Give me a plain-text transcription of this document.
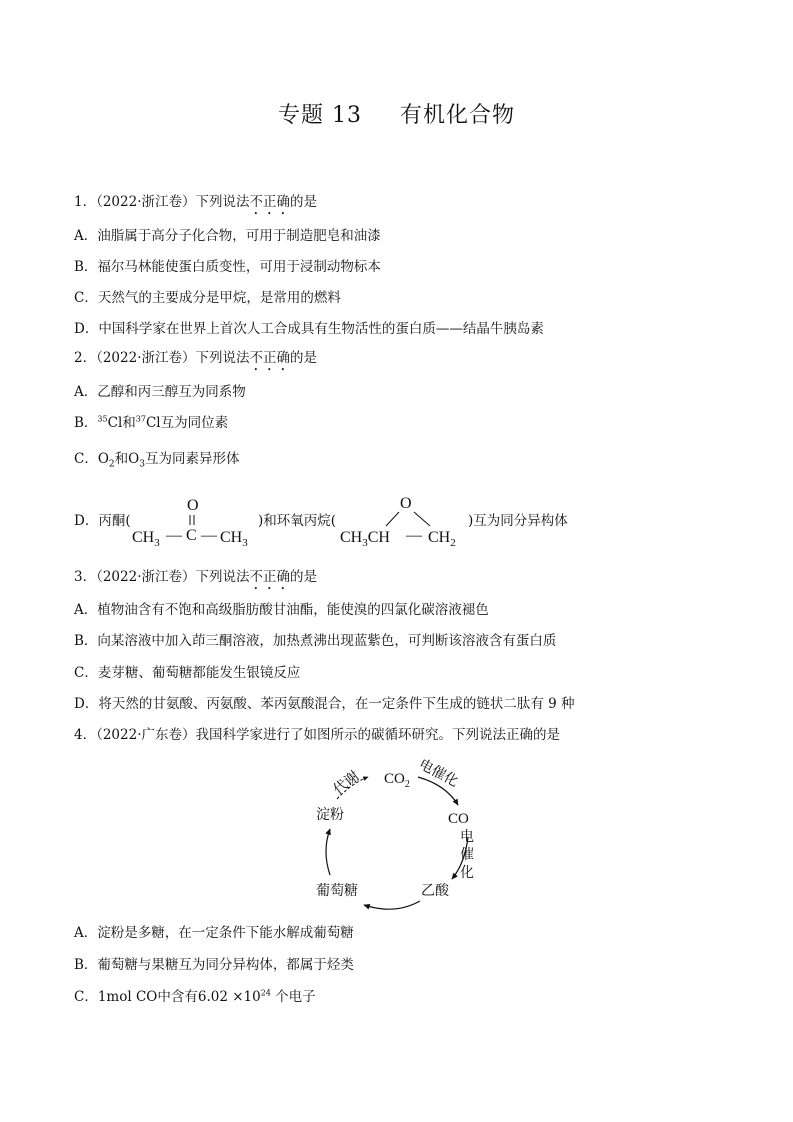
专题 13 有机化合物
1．（2022·浙江卷）下列说法不正确的是
A．油脂属于高分子化合物，可用于制造肥皂和油漆
B．福尔马林能使蛋白质变性，可用于浸制动物标本
C．天然气的主要成分是甲烷，是常用的燃料
D．中国科学家在世界上首次人工合成具有生物活性的蛋白质——结晶牛胰岛素
2．（2022·浙江卷）下列说法不正确的是
A．乙醇和丙三醇互为同系物
B．$^{35}$Cl和$^{37}$Cl互为同位素
C．$O_2$和$O_3$互为同素异形体
D．丙酮(
O
$CH_3$ — C — $CH_3$
)和环氧丙烷(
O
$CH_3CH$ — $CH_2$
)互为同分异构体
3．（2022·浙江卷）下列说法不正确的是
A．植物油含有不饱和高级脂肪酸甘油酯，能使溴的四氯化碳溶液褪色
B．向某溶液中加入茚三酮溶液，加热煮沸出现蓝紫色，可判断该溶液含有蛋白质
C．麦芽糖、葡萄糖都能发生银镜反应
D．将天然的甘氨酸、丙氨酸、苯丙氨酸混合，在一定条件下生成的链状二肽有 9 种
4．（2022·广东卷）我国科学家进行了如图所示的碳循环研究。下列说法正确的是
$CO_2$
CO
乙酸
葡萄糖
淀粉
代谢	电催化
电
催
化
A．淀粉是多糖，在一定条件下能水解成葡萄糖
B．葡萄糖与果糖互为同分异构体，都属于烃类
C．1mol CO中含有$6.02 \times 10^{24}$ 个电子
